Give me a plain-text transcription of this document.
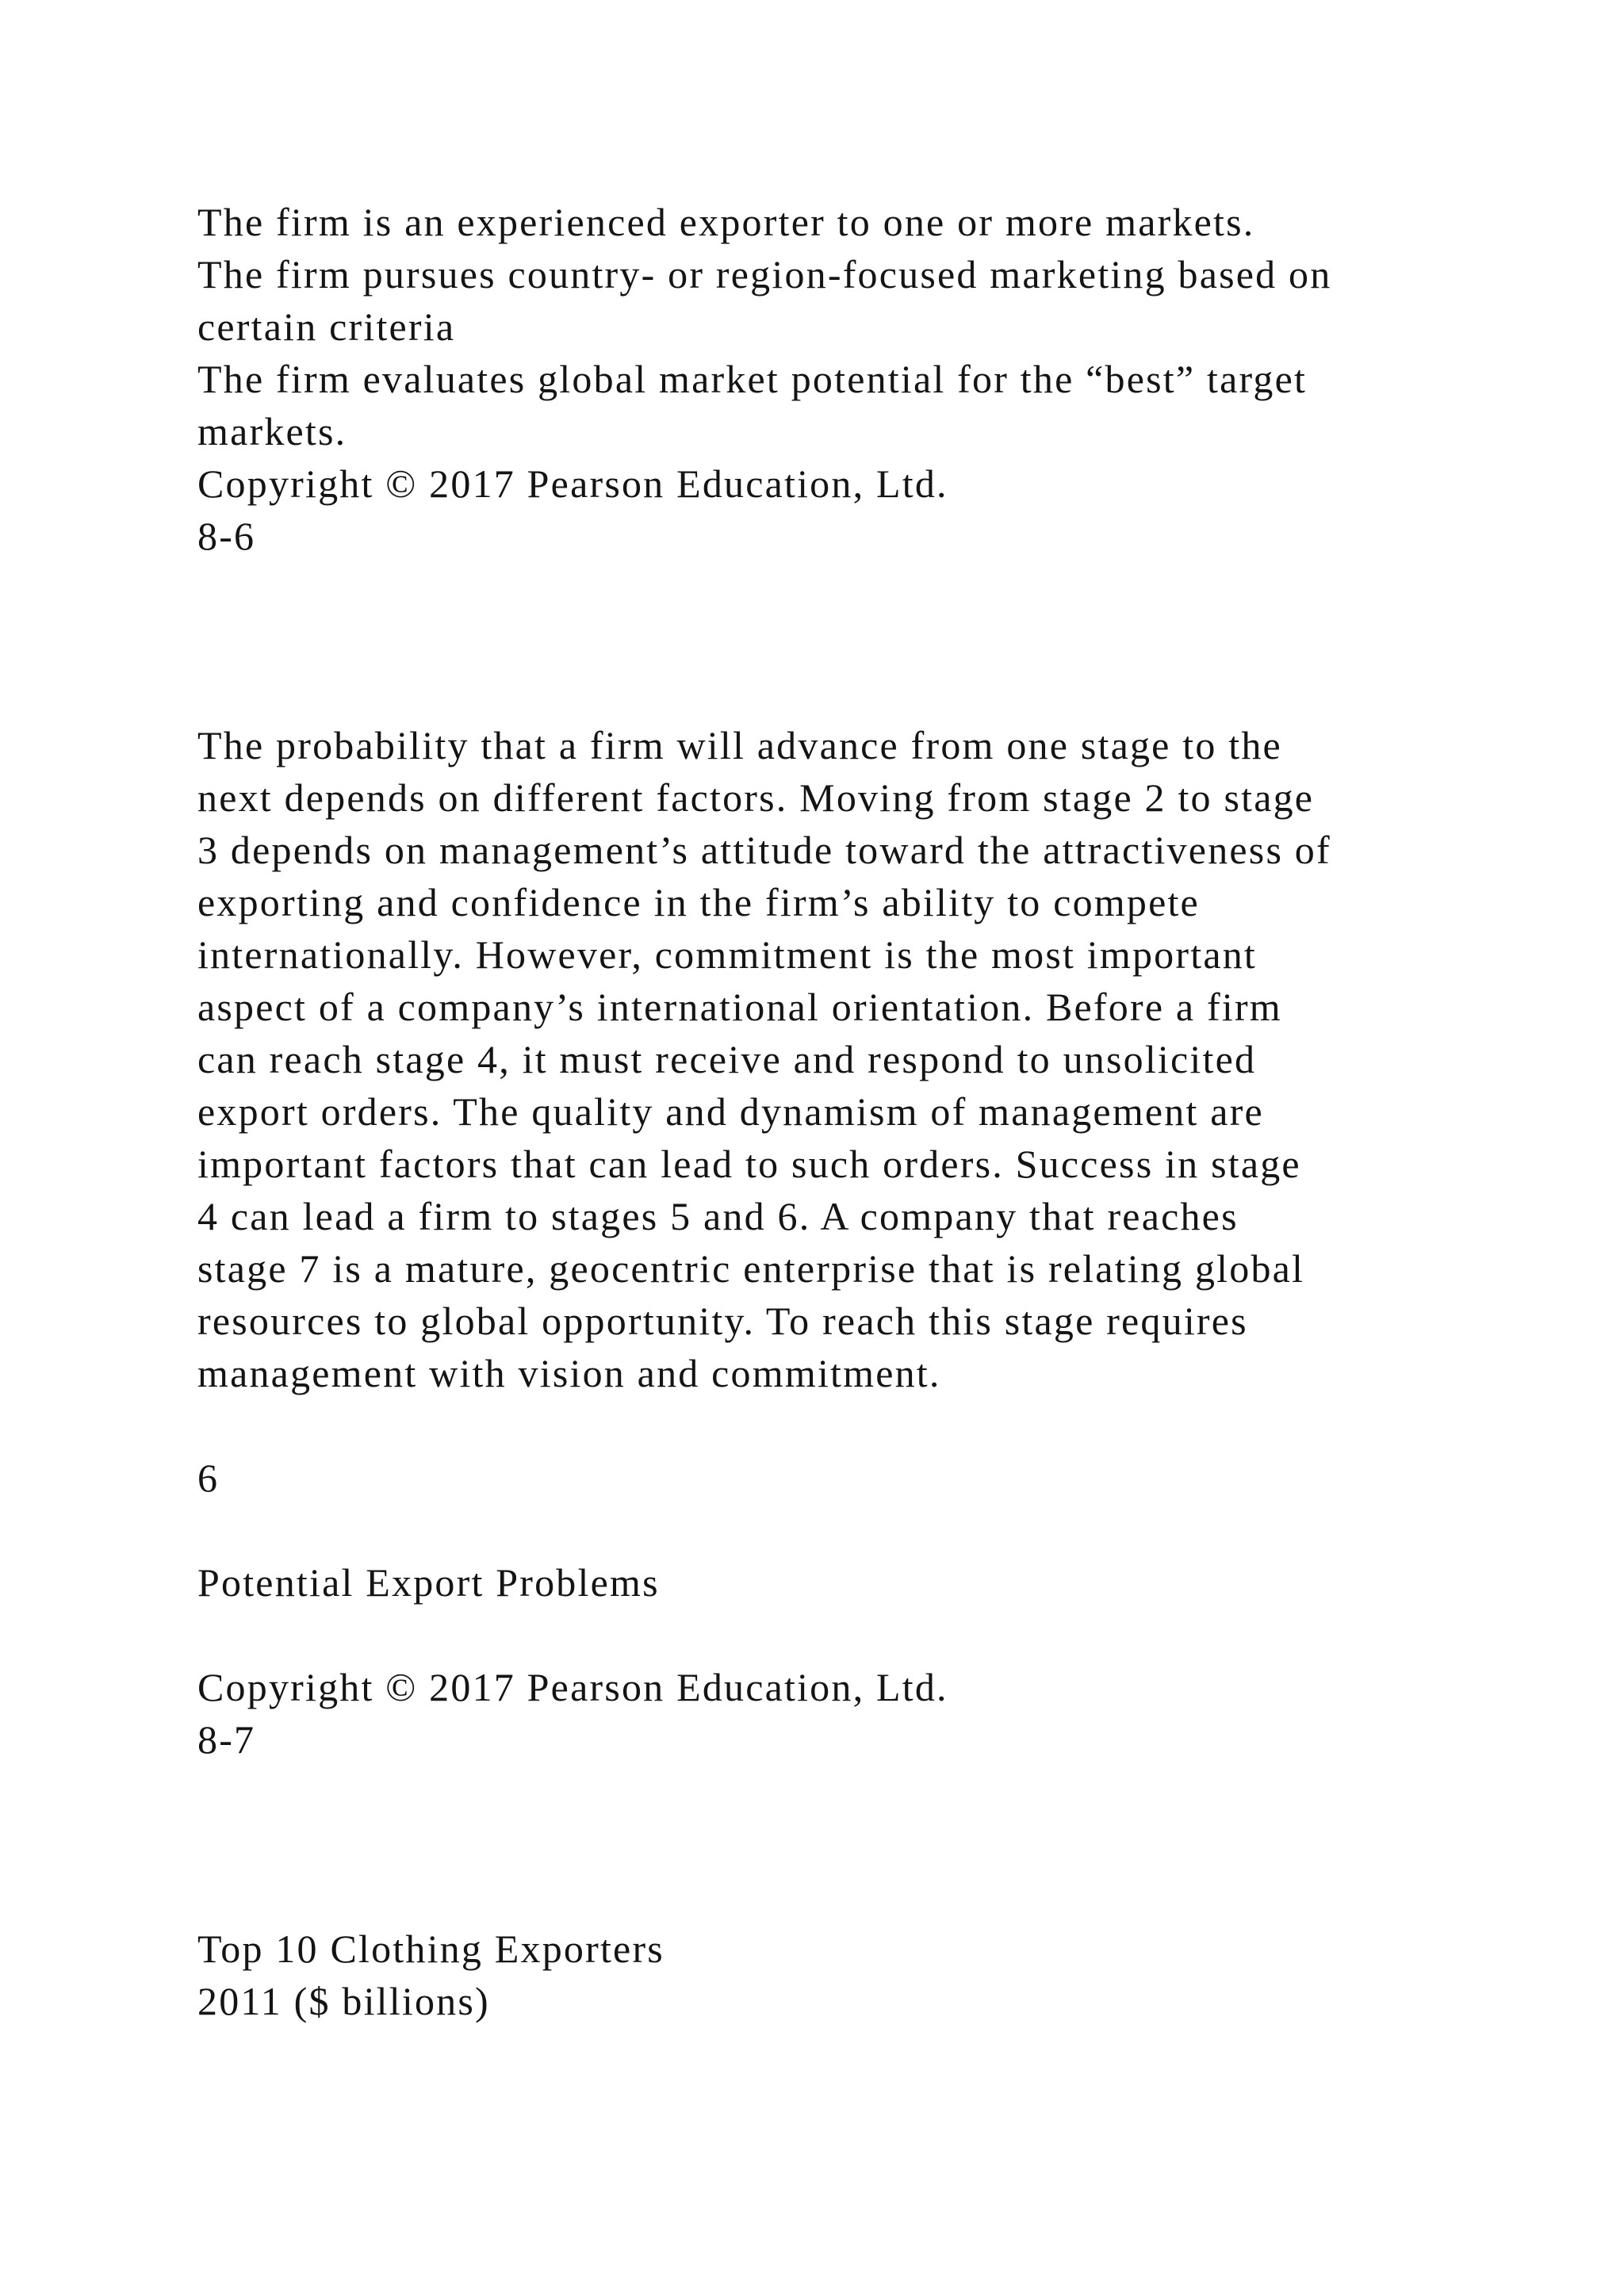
The firm is an experienced exporter to one or more markets.

The firm pursues country- or region-focused marketing based on

certain criteria

The firm evaluates global market potential for the “best” target

markets.

Copyright © 2017 Pearson Education, Ltd.

8-6

The probability that a firm will advance from one stage to the

next depends on different factors. Moving from stage 2 to stage

3 depends on management’s attitude toward the attractiveness of

exporting and confidence in the firm’s ability to compete

internationally. However, commitment is the most important

aspect of a company’s international orientation. Before a firm

can reach stage 4, it must receive and respond to unsolicited

export orders. The quality and dynamism of management are

important factors that can lead to such orders. Success in stage

4 can lead a firm to stages 5 and 6. A company that reaches

stage 7 is a mature, geocentric enterprise that is relating global

resources to global opportunity. To reach this stage requires

management with vision and commitment.

6

Potential Export Problems

Copyright © 2017 Pearson Education, Ltd.

8-7

Top 10 Clothing Exporters

2011 ($ billions)
